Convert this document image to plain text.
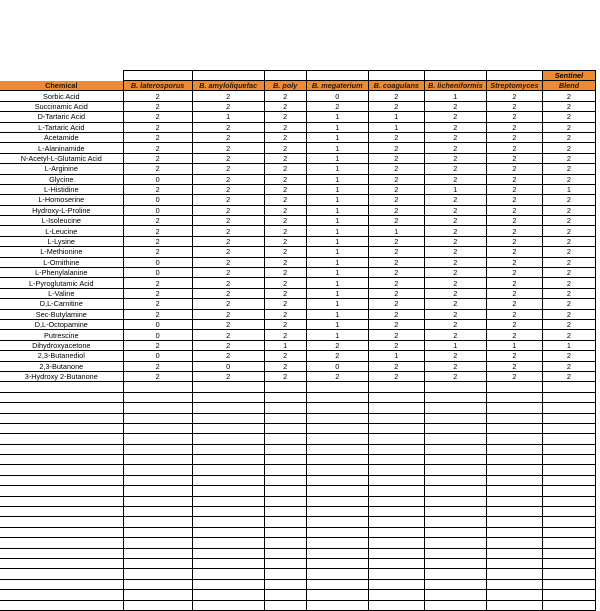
								Sentinel
Chemical	B. laterosporus	B. amyloliquefac	B. poly	B. megaterium	B. coagulans	B. licheniformis	Streptomyces	Blend
Sorbic Acid	2	2	2	0	2	1	2	2
Succinamic Acid	2	2	2	2	2	2	2	2
D-Tartaric Acid	2	1	2	1	1	2	2	2
L-Tartaric Acid	2	2	2	1	1	2	2	2
Acetamide	2	2	2	1	2	2	2	2
L-Alaninamide	2	2	2	1	2	2	2	2
N-Acetyl-L-Glutamic Acid	2	2	2	1	2	2	2	2
L-Arginine	2	2	2	1	2	2	2	2
Glycine	0	2	2	1	2	2	2	2
L-Histidine	2	2	2	1	2	1	2	1
L-Homoserine	0	2	2	1	2	2	2	2
Hydroxy-L-Proline	0	2	2	1	2	2	2	2
L-Isoleucine	2	2	2	1	2	2	2	2
L-Leucine	2	2	2	1	1	2	2	2
L-Lysine	2	2	2	1	2	2	2	2
L-Methionine	2	2	2	1	2	2	2	2
L-Ornithine	0	2	2	1	2	2	2	2
L-Phenylalanine	0	2	2	1	2	2	2	2
L-Pyroglutamic Acid	2	2	2	1	2	2	2	2
L-Valine	2	2	2	1	2	2	2	2
D,L-Carnitine	2	2	2	1	2	2	2	2
Sec-Butylamine	2	2	2	1	2	2	2	2
D,L-Octopamine	0	2	2	1	2	2	2	2
Putrescine	0	2	2	1	2	2	2	2
Dihydroxyacetone	2	2	1	2	2	1	1	1
2,3-Butanediol	0	2	2	2	1	2	2	2
2,3-Butanone	2	0	2	0	2	2	2	2
3-Hydroxy 2-Butanone	2	2	2	2	2	2	2	2
